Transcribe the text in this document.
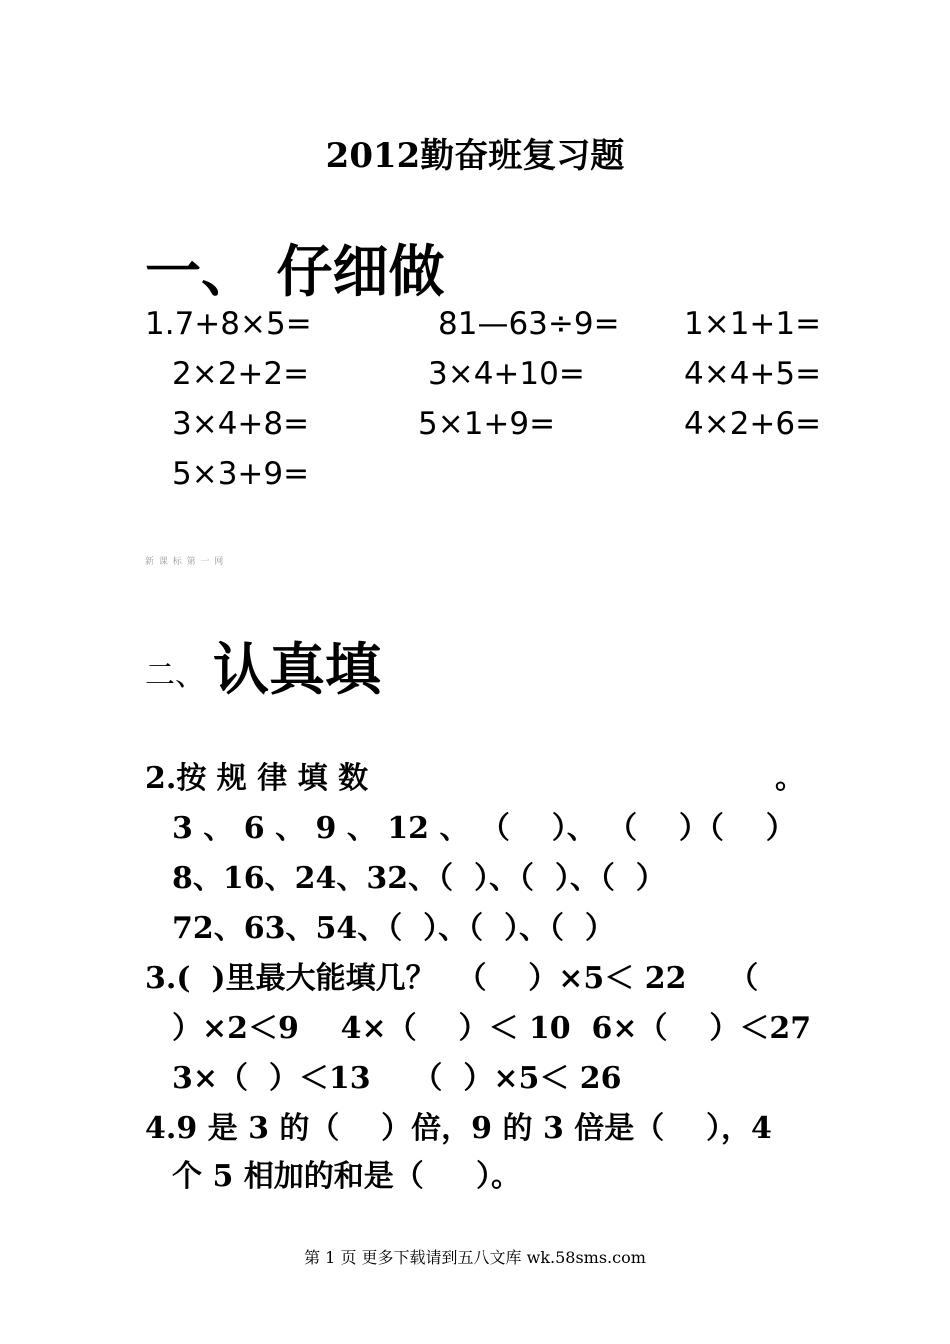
2012勤奋班复习题
一、 仔细做
1.7+8×5=	81—63÷9= 1×1+1=
2×2+2=	3×4+10=	4×4+5=
3×4+8=	5×1+9=	4×2+6=
5×3+9=
新 课 标 第 一 网
二、 认真填
2.按 规 律 填 数	。
3 、 6 、 9 、 12 、 （    ）、 （    ）（    ）
8、16、24、32、（  ）、（  ）、（  ）
72、63、54、（  ）、（  ）、（  ）
3.(  )里最大能填几？  （    ）×5＜ 22    （
）×2＜9    4×（    ）＜ 10  6×（    ）＜27
3×（  ）＜13    （  ）×5＜ 26
4.9 是 3 的（    ）倍，9 的 3 倍是（    ），4
个 5 相加的和是（     ）。
第 1 页 更多下载请到五八文库 wk.58sms.com
